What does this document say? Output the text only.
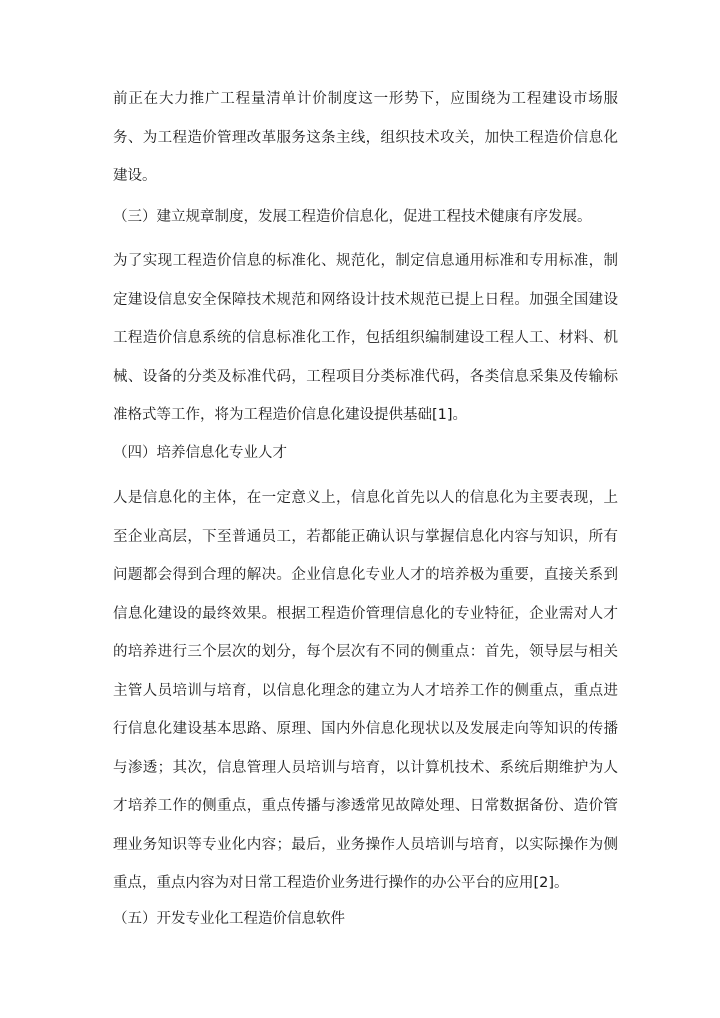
前正在大力推广工程量清单计价制度这一形势下，应围绕为工程建设市场服
务、为工程造价管理改革服务这条主线，组织技术攻关，加快工程造价信息化
建设。
（三）建立规章制度，发展工程造价信息化，促进工程技术健康有序发展。
为了实现工程造价信息的标准化、规范化，制定信息通用标准和专用标准，制
定建设信息安全保障技术规范和网络设计技术规范已提上日程。加强全国建设
工程造价信息系统的信息标准化工作，包括组织编制建设工程人工、材料、机
械、设备的分类及标准代码，工程项目分类标准代码，各类信息采集及传输标
准格式等工作，将为工程造价信息化建设提供基础[1]。
（四）培养信息化专业人才
人是信息化的主体，在一定意义上，信息化首先以人的信息化为主要表现，上
至企业高层，下至普通员工，若都能正确认识与掌握信息化内容与知识，所有
问题都会得到合理的解决。企业信息化专业人才的培养极为重要，直接关系到
信息化建设的最终效果。根据工程造价管理信息化的专业特征，企业需对人才
的培养进行三个层次的划分，每个层次有不同的侧重点：首先，领导层与相关
主管人员培训与培育，以信息化理念的建立为人才培养工作的侧重点，重点进
行信息化建设基本思路、原理、国内外信息化现状以及发展走向等知识的传播
与渗透；其次，信息管理人员培训与培育，以计算机技术、系统后期维护为人
才培养工作的侧重点，重点传播与渗透常见故障处理、日常数据备份、造价管
理业务知识等专业化内容；最后，业务操作人员培训与培育，以实际操作为侧
重点，重点内容为对日常工程造价业务进行操作的办公平台的应用[2]。
（五）开发专业化工程造价信息软件
